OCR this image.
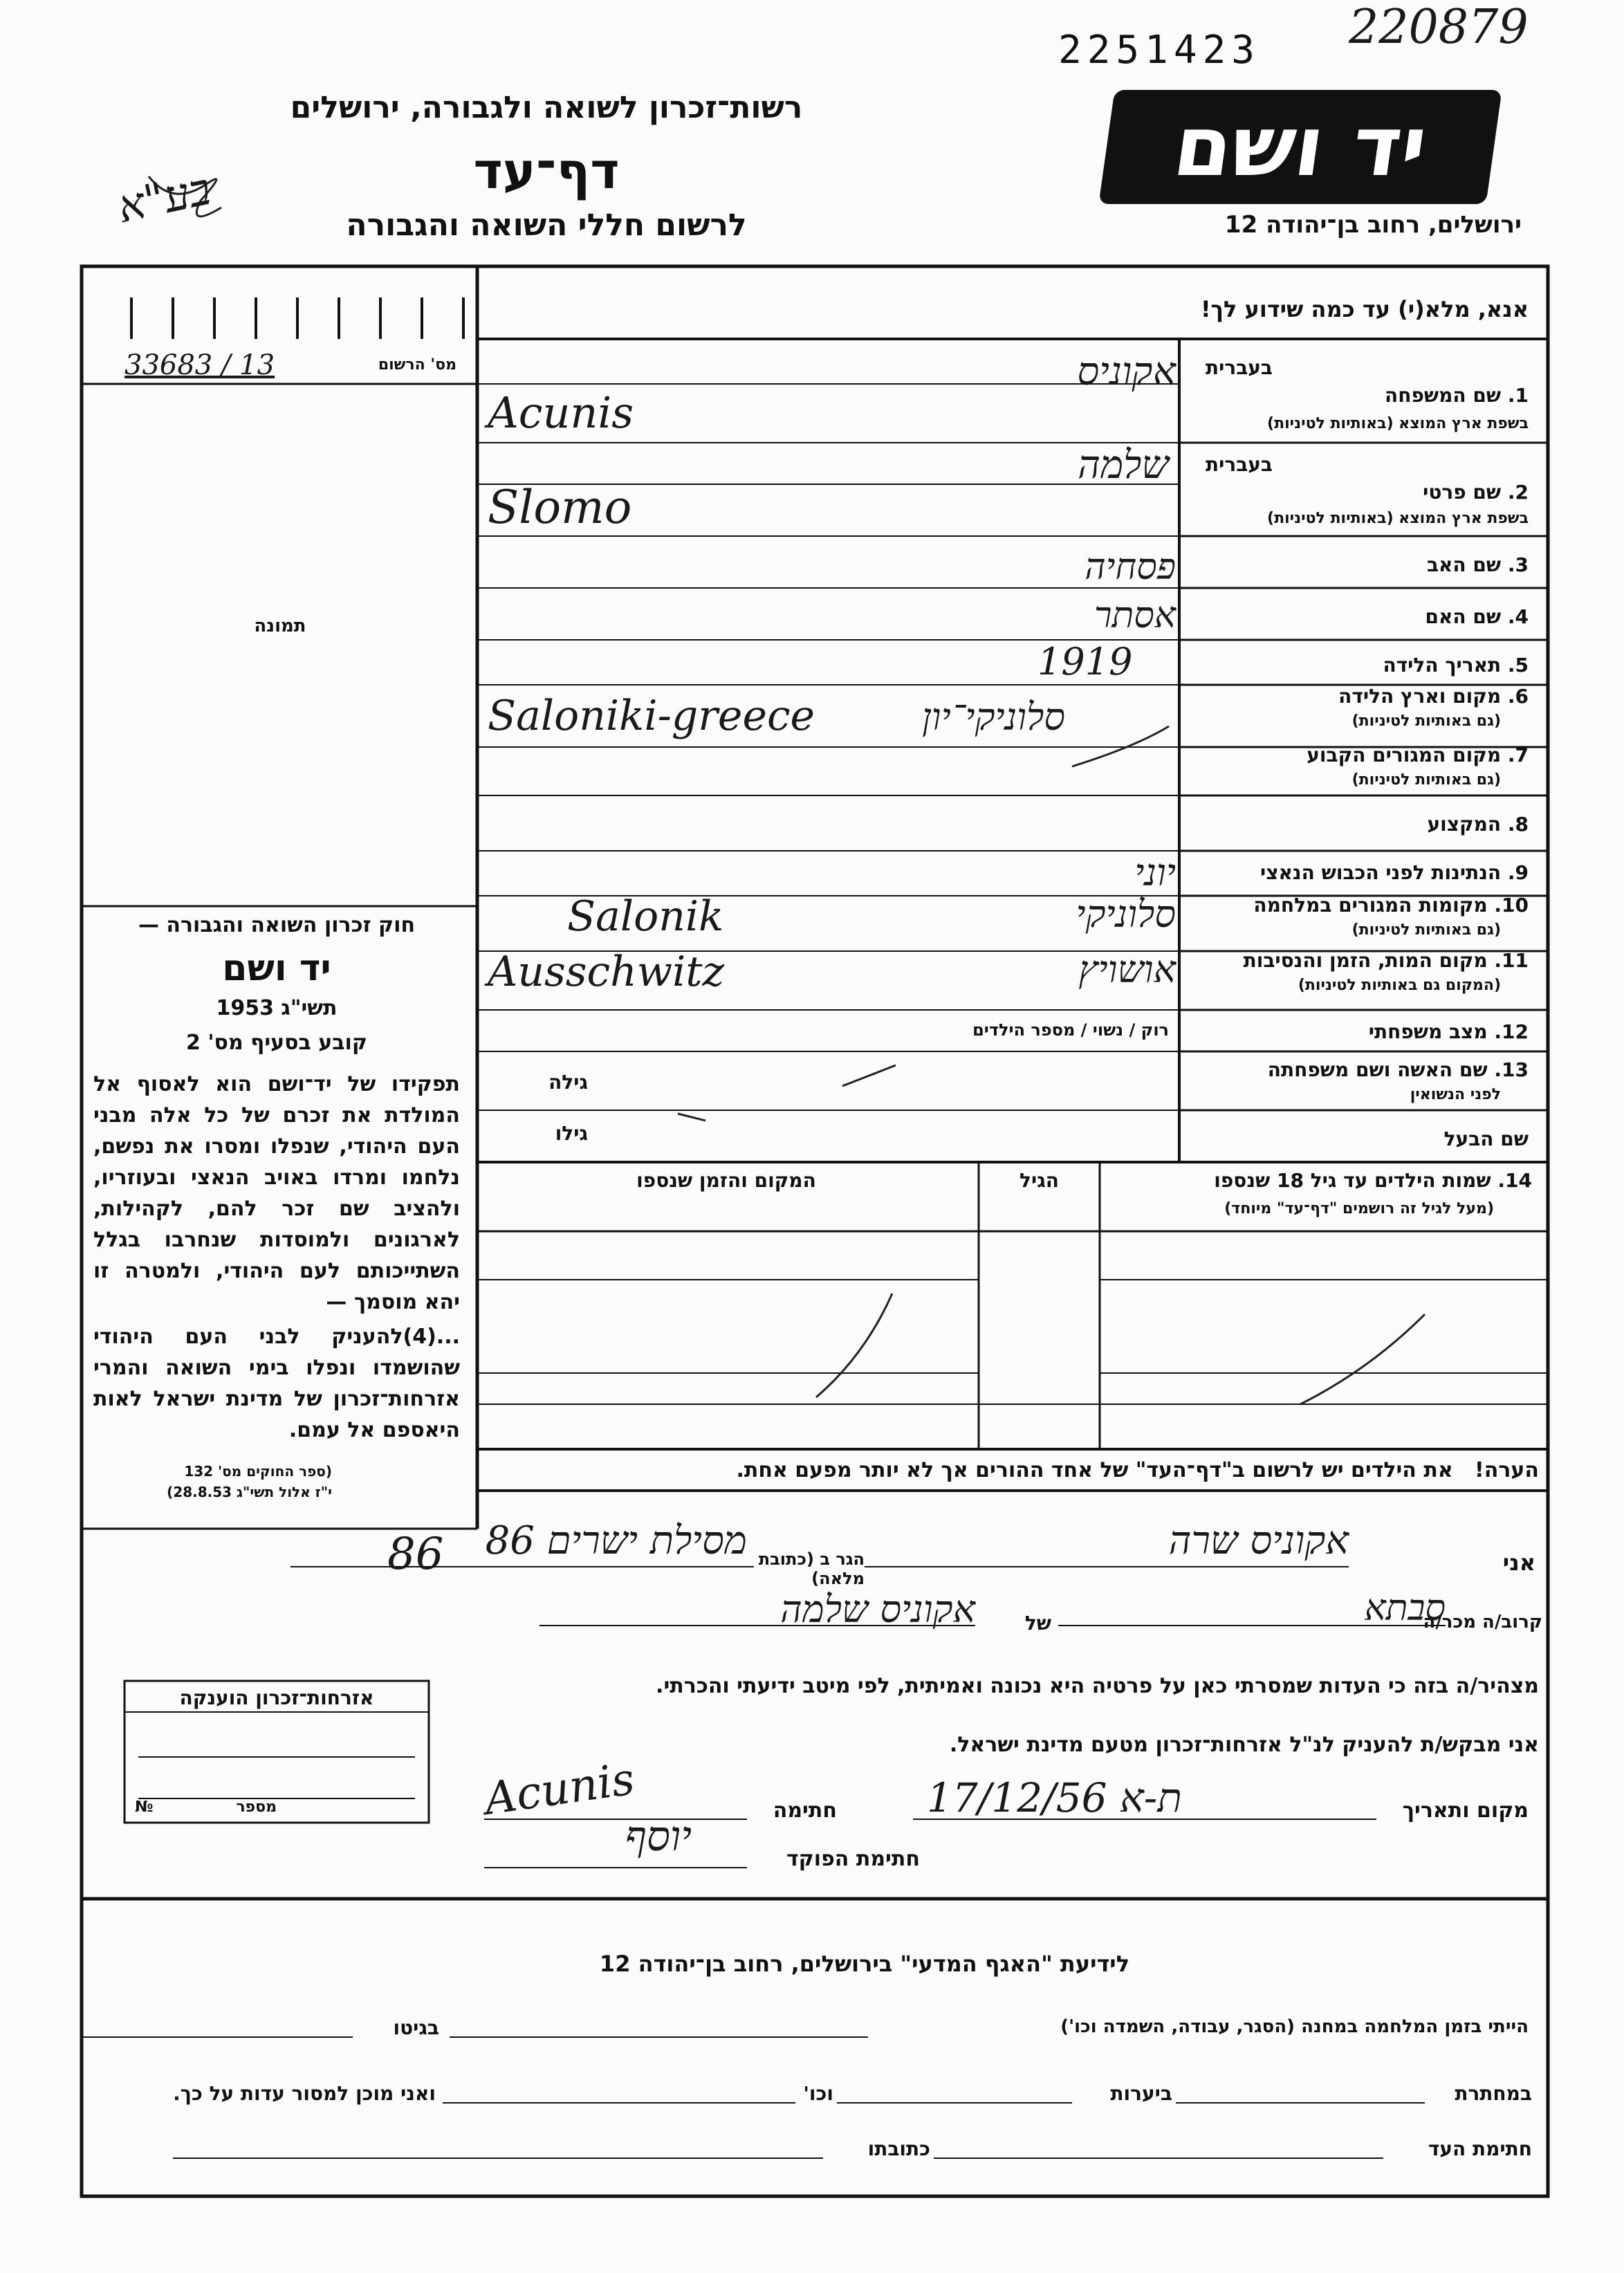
2251423 220879
רשות־זכרון לשואה ולגבורה, ירושלים
דף־עד
לרשום חללי השואה והגבורה
יד ושם
ירושלים, רחוב בן־יהודה 12
בע"א
אנא, מלא(י) עד כמה שידוע לך!
מס' הרשום
33683 / 13
תמונה
חוק זכרון השואה והגבורה —
יד ושם
תשי"ג 1953
קובע בסעיף מס' 2
תפקידו של יד־ושם הוא לאסוף אל המולדת את זכרם של כל אלה מבני העם היהודי, שנפלו ומסרו את נפשם, נלחמו ומרדו באויב הנאצי ובעוזריו, ולהציב שם זכר להם, לקהילות, לארגונים ולמוסדות שנחרבו בגלל השתייכותם לעם היהודי, ולמטרה זו יהא מוסמך —
...(4)להעניק לבני העם היהודי שהושמדו ונפלו בימי השואה והמרי אזרחות־זכרון של מדינת ישראל לאות היאספם אל עמם.
(ספר החוקים מס' 132
י"ז אלול תשי"ג 28.8.53)
86
אזרחות־זכרון הוענקה
מספר
№
בעברית
1. שם המשפחה
בשפת ארץ המוצא (באותיות לטיניות)
אקוניס
Acunis
בעברית
2. שם פרטי
בשפת ארץ המוצא (באותיות לטיניות)
שלמה
Slomo
3. שם האב
פסחיה
4. שם האם
אסתר
5. תאריך הלידה
1919
6. מקום וארץ הלידה
(גם באותיות לטיניות)
סלוניקי־יון
Saloniki-greece
7. מקום המגורים הקבוע
(גם באותיות לטיניות)
8. המקצוע
9. הנתינות לפני הכבוש הנאצי
יוני
10. מקומות המגורים במלחמה
(גם באותיות לטיניות)
סלוניקי
Salonik
11. מקום המות, הזמן והנסיבות
(המקום גם באותיות לטיניות)
אושויץ
Ausschwitz
12. מצב משפחתי
רוק / נשוי / מספר הילדים
13. שם האשה ושם משפחתה
לפני הנשואין
גילה
שם הבעל
גילו
14. שמות הילדים עד גיל 18 שנספו
(מעל לגיל זה רושמים "דף־עד" מיוחד)
הגיל
המקום והזמן שנספו
הערה!   את הילדים יש לרשום ב"דף־העד" של אחד ההורים אך לא יותר מפעם אחת.
אני
אקוניס שרה
הגר ב (כתובת מלאה)
מסילת ישרים 86
קרוב/ה מכר/ה
סבתא
של
אקוניס שלמה
מצהיר/ה בזה כי העדות שמסרתי כאן על פרטיה היא נכונה ואמיתית, לפי מיטב ידיעתי והכרתי.
אני מבקש/ת להעניק לנ"ל אזרחות־זכרון מטעם מדינת ישראל.
מקום ותאריך
17/12/56 ת-א
חתימה
Acunis
חתימת הפוקד
יוסף
לידיעת "האגף המדעי" בירושלים, רחוב בן־יהודה 12
הייתי בזמן המלחמה במחנה (הסגר, עבודה, השמדה וכו')
בגיטו
במחתרת
ביערות
וכו'
ואני מוכן למסור עדות על כך.
חתימת העד
כתובתו
